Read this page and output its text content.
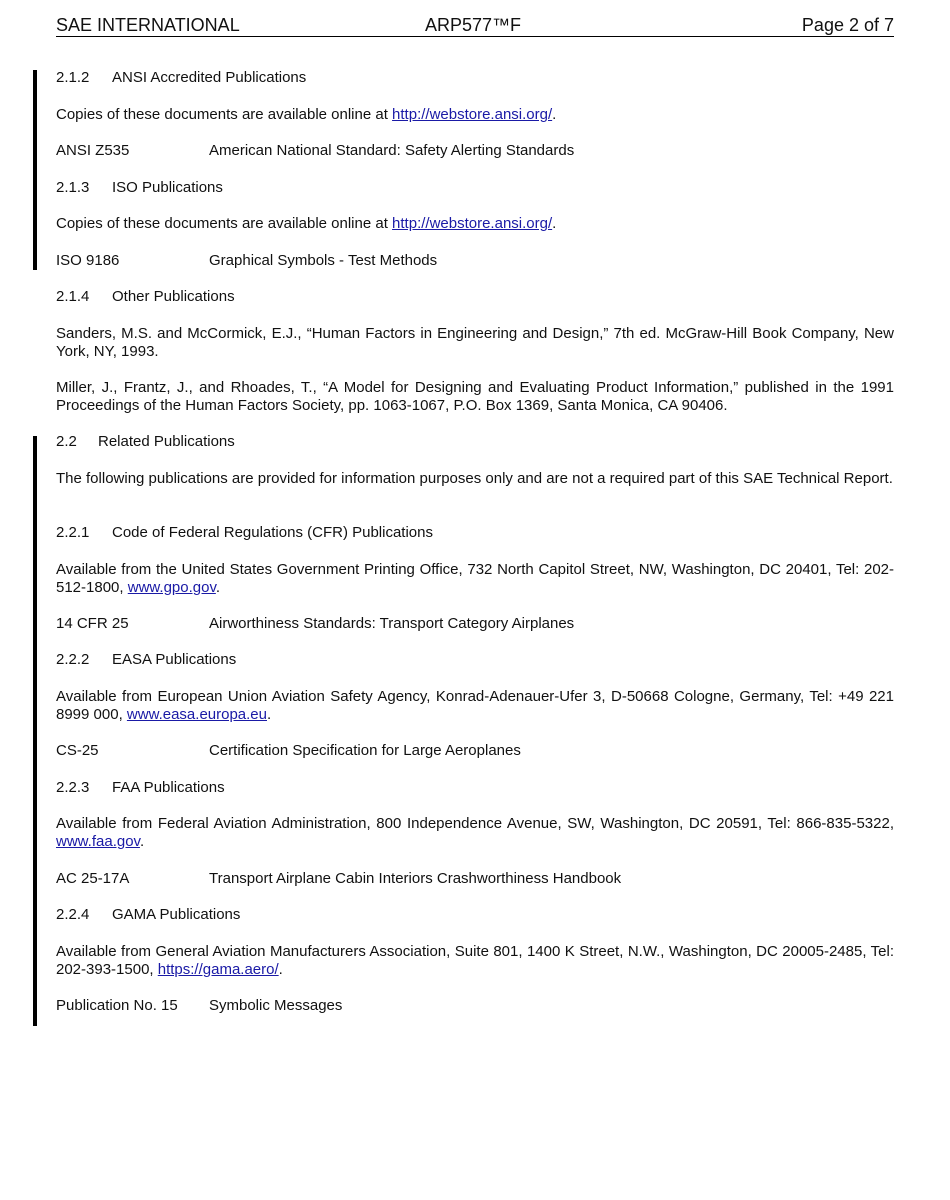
SAE INTERNATIONAL	ARP577™F	Page 2 of 7
2.1.2 ANSI Accredited Publications
Copies of these documents are available online at http://webstore.ansi.org/.
ANSI Z535	American National Standard: Safety Alerting Standards
2.1.3 ISO Publications
Copies of these documents are available online at http://webstore.ansi.org/.
ISO 9186	Graphical Symbols - Test Methods
2.1.4 Other Publications
Sanders, M.S. and McCormick, E.J., “Human Factors in Engineering and Design,” 7th ed. McGraw-Hill Book Company, New York, NY, 1993.
Miller, J., Frantz, J., and Rhoades, T., “A Model for Designing and Evaluating Product Information,” published in the 1991 Proceedings of the Human Factors Society, pp. 1063-1067, P.O. Box 1369, Santa Monica, CA 90406.
2.2 Related Publications
The following publications are provided for information purposes only and are not a required part of this SAE Technical Report.
2.2.1 Code of Federal Regulations (CFR) Publications
Available from the United States Government Printing Office, 732 North Capitol Street, NW, Washington, DC 20401, Tel: 202-512-1800, www.gpo.gov.
14 CFR 25	Airworthiness Standards: Transport Category Airplanes
2.2.2 EASA Publications
Available from European Union Aviation Safety Agency, Konrad-Adenauer-Ufer 3, D-50668 Cologne, Germany, Tel: +49 221 8999 000, www.easa.europa.eu.
CS-25	Certification Specification for Large Aeroplanes
2.2.3 FAA Publications
Available from Federal Aviation Administration, 800 Independence Avenue, SW, Washington, DC 20591, Tel: 866-835-5322, www.faa.gov.
AC 25-17A	Transport Airplane Cabin Interiors Crashworthiness Handbook
2.2.4 GAMA Publications
Available from General Aviation Manufacturers Association, Suite 801, 1400 K Street, N.W., Washington, DC 20005-2485, Tel: 202-393-1500, https://gama.aero/.
Publication No. 15 Symbolic Messages
